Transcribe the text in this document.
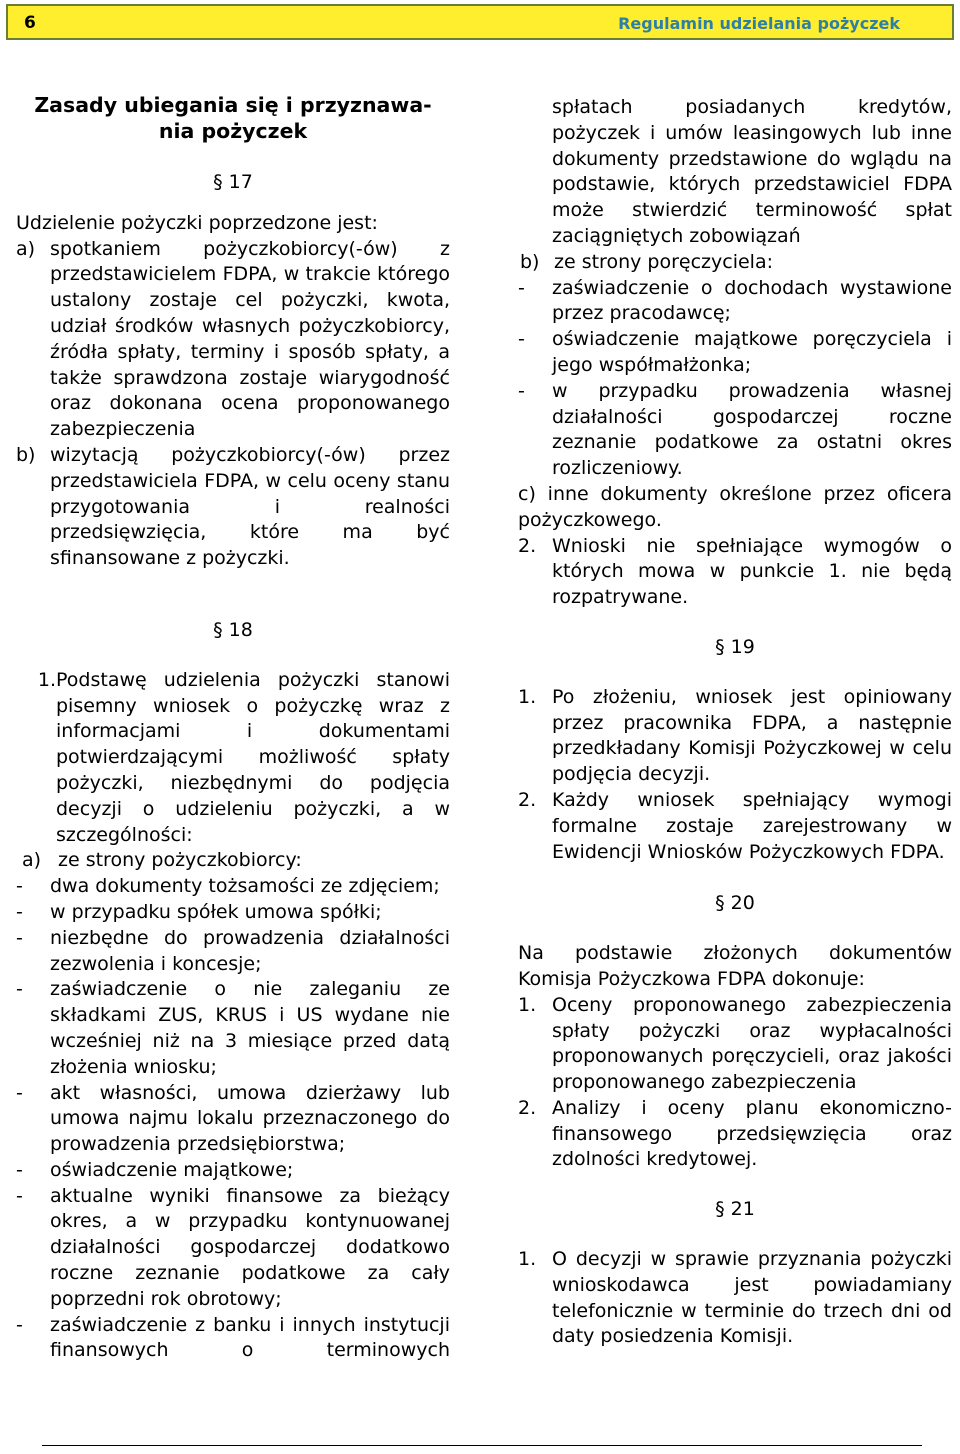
6	Regulamin udzielania pożyczek
Zasady ubiegania się i przyznawa-
nia pożyczek

§ 17

Udzielenie pożyczki poprzedzone jest:

a) spotkaniem pożyczkobiorcy(-ów) z przedstawicielem FDPA, w trakcie którego ustalony zostaje cel pożyczki, kwota, udział środków własnych pożyczkobiorcy, źródła spłaty, terminy i sposób spłaty, a także sprawdzona zostaje wiarygodność oraz dokonana ocena proponowanego zabezpieczenia
b) wizytacją pożyczkobiorcy(-ów) przez przedstawiciela FDPA, w celu oceny stanu przygotowania i realności przedsięwzięcia, które ma być sfinansowane z pożyczki.

§ 18

1. Podstawę udzielenia pożyczki stanowi pisemny wniosek o pożyczkę wraz z informacjami i dokumentami potwierdzającymi możliwość spłaty pożyczki, niezbędnymi do podjęcia decyzji o udzieleniu pożyczki, a w szczególności:
a) ze strony pożyczkobiorcy:
-	dwa dokumenty tożsamości ze zdjęciem;
-	w przypadku spółek umowa spółki;
-	niezbędne do prowadzenia działalności zezwolenia i koncesje;
-	zaświadczenie o nie zaleganiu ze składkami ZUS, KRUS i US wydane nie wcześniej niż na 3 miesiące przed datą złożenia wniosku;
-	akt własności, umowa dzierżawy lub umowa najmu lokalu przeznaczonego do prowadzenia przedsiębiorstwa;
-	oświadczenie majątkowe;
-	aktualne wyniki finansowe za bieżący okres, a w przypadku kontynuowanej działalności gospodarczej dodatkowo roczne zeznanie podatkowe za cały poprzedni rok obrotowy;
-	zaświadczenie z banku i innych instytucji finansowych o terminowych
spłatach posiadanych kredytów, pożyczek i umów leasingowych lub inne dokumenty przedstawione do wglądu na podstawie, których przedstawiciel FDPA może stwierdzić terminowość spłat zaciągniętych zobowiązań
b) ze strony poręczyciela:
-	zaświadczenie o dochodach wystawione przez pracodawcę;
-	oświadczenie majątkowe poręczyciela i jego współmałżonka;
-	w przypadku prowadzenia własnej działalności gospodarczej roczne zeznanie podatkowe za ostatni okres rozliczeniowy.

c) inne dokumenty określone przez oficera pożyczkowego.

2. Wnioski nie spełniające wymogów o których mowa w punkcie 1. nie będą rozpatrywane.

§ 19

1. Po złożeniu, wniosek jest opiniowany przez pracownika FDPA, a następnie przedkładany Komisji Pożyczkowej w celu podjęcia decyzji.
2. Każdy wniosek spełniający wymogi formalne zostaje zarejestrowany w Ewidencji Wniosków Pożyczkowych FDPA.

§ 20

Na podstawie złożonych dokumentów Komisja Pożyczkowa FDPA dokonuje:

1. Oceny proponowanego zabezpieczenia spłaty pożyczki oraz wypłacalności proponowanych poręczycieli, oraz jakości proponowanego zabezpieczenia
2. Analizy i oceny planu ekonomiczno-finansowego przedsięwzięcia oraz zdolności kredytowej.

§ 21

1. O decyzji w sprawie przyznania pożyczki wnioskodawca jest powiadamiany telefonicznie w terminie do trzech dni od daty posiedzenia Komisji.
